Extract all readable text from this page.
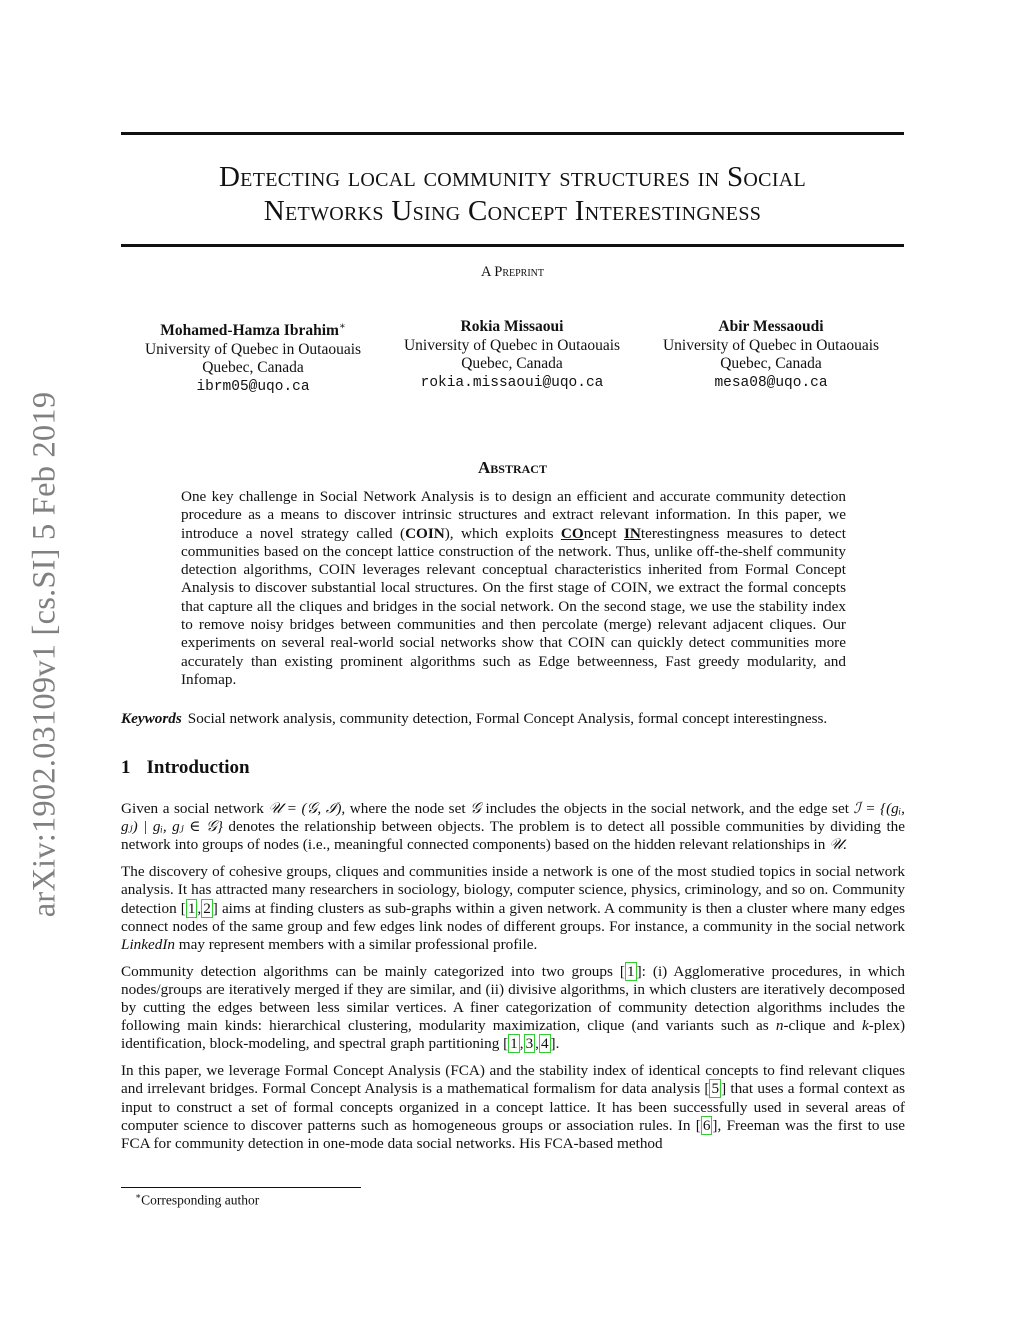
arXiv:1902.03109v1 [cs.SI] 5 Feb 2019
Detecting local community structures in Social
Networks Using Concept Interestingness
A Preprint
Mohamed-Hamza Ibrahim∗
University of Quebec in Outaouais
Quebec, Canada
ibrm05@uqo.ca
Rokia Missaoui
University of Quebec in Outaouais
Quebec, Canada
rokia.missaoui@uqo.ca
Abir Messaoudi
University of Quebec in Outaouais
Quebec, Canada
mesa08@uqo.ca
Abstract
One key challenge in Social Network Analysis is to design an efficient and accurate community detection procedure as a means to discover intrinsic structures and extract relevant information. In this paper, we introduce a novel strategy called (COIN), which exploits COncept INterestingness measures to detect communities based on the concept lattice construction of the network. Thus, unlike off-the-shelf community detection algorithms, COIN leverages relevant conceptual characteristics inherited from Formal Concept Analysis to discover substantial local structures. On the first stage of COIN, we extract the formal concepts that capture all the cliques and bridges in the social network. On the second stage, we use the stability index to remove noisy bridges between communities and then percolate (merge) relevant adjacent cliques. Our experiments on several real-world social networks show that COIN can quickly detect communities more accurately than existing prominent algorithms such as Edge betweenness, Fast greedy modularity, and Infomap.
Keywords Social network analysis, community detection, Formal Concept Analysis, formal concept interestingness.
1 Introduction

Given a social network 𝒰 = (𝒢, ℐ), where the node set 𝒢 includes the objects in the social network, and the edge set ℐ = {(gᵢ, gⱼ) | gᵢ, gⱼ ∈ 𝒢} denotes the relationship between objects. The problem is to detect all possible communities by dividing the network into groups of nodes (i.e., meaningful connected components) based on the hidden relevant relationships in 𝒰.

The discovery of cohesive groups, cliques and communities inside a network is one of the most studied topics in social network analysis. It has attracted many researchers in sociology, biology, computer science, physics, criminology, and so on. Community detection [ 1 , 2 ] aims at finding clusters as sub-graphs within a given network. A community is then a cluster where many edges connect nodes of the same group and few edges link nodes of different groups. For instance, a community in the social network LinkedIn may represent members with a similar professional profile.

Community detection algorithms can be mainly categorized into two groups [ 1 ]: (i) Agglomerative procedures, in which nodes/groups are iteratively merged if they are similar, and (ii) divisive algorithms, in which clusters are iteratively decomposed by cutting the edges between less similar vertices. A finer categorization of community detection algorithms includes the following main kinds: hierarchical clustering, modularity maximization, clique (and variants such as n-clique and k-plex) identification, block-modeling, and spectral graph partitioning [ 1 , 3 , 4 ].

In this paper, we leverage Formal Concept Analysis (FCA) and the stability index of identical concepts to find relevant cliques and irrelevant bridges. Formal Concept Analysis is a mathematical formalism for data analysis [ 5 ] that uses a formal context as input to construct a set of formal concepts organized in a concept lattice. It has been successfully used in several areas of computer science to discover patterns such as homogeneous groups or association rules. In [ 6 ], Freeman was the first to use FCA for community detection in one-mode data social networks. His FCA-based method

∗Corresponding author
